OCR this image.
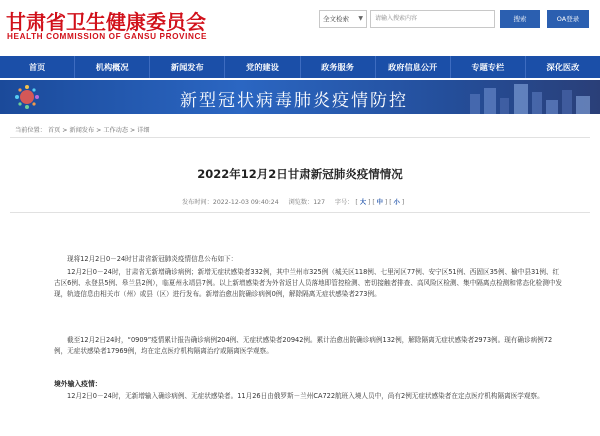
甘肃省卫生健康委员会
HEALTH COMMISSION OF GANSU PROVINCE
全文检索 ▼	请输入搜索内容	搜索	OA登录
首页	机构概况	新闻发布	党的建设	政务服务	政府信息公开	专题专栏	深化医改
新型冠状病毒肺炎疫情防控
当前位置： 首页 > 新闻发布 > 工作动态 > 详细
2022年12月2日甘肃新冠肺炎疫情情况
发布时间：2022-12-03 09:40:24 浏览数：127 字号： [ 大 ] [ 中 ] [ 小 ]
现将12月2日0－24时甘肃省新冠肺炎疫情信息公布如下：
12月2日0－24时，甘肃省无新增确诊病例；新增无症状感染者332例，其中兰州市325例（城关区118例、七里河区77例、安宁区51例、西固区35例、榆中县31例、红古区6例、永登县5例、皋兰县2例），临夏州永靖县7例。以上新增感染者为外省返甘人员落地即管控检测、密切接触者排查、高风险区检测、集中隔离点检测和常态化检测中发现，轨迹信息由相关市（州）或县（区）进行发布。新增治愈出院确诊病例0例，解除隔离无症状感染者273例。
截至12月2日24时，“0909”疫情累计报告确诊病例204例、无症状感染者20942例。累计治愈出院确诊病例132例，解除隔离无症状感染者2973例。现有确诊病例72例，无症状感染者17969例，均在定点医疗机构隔离治疗或隔离医学观察。
境外输入疫情：
12月2日0－24时，无新增输入确诊病例、无症状感染者。11月26日由俄罗斯－兰州CA722航班入境人员中，尚有2例无症状感染者在定点医疗机构隔离医学观察。
